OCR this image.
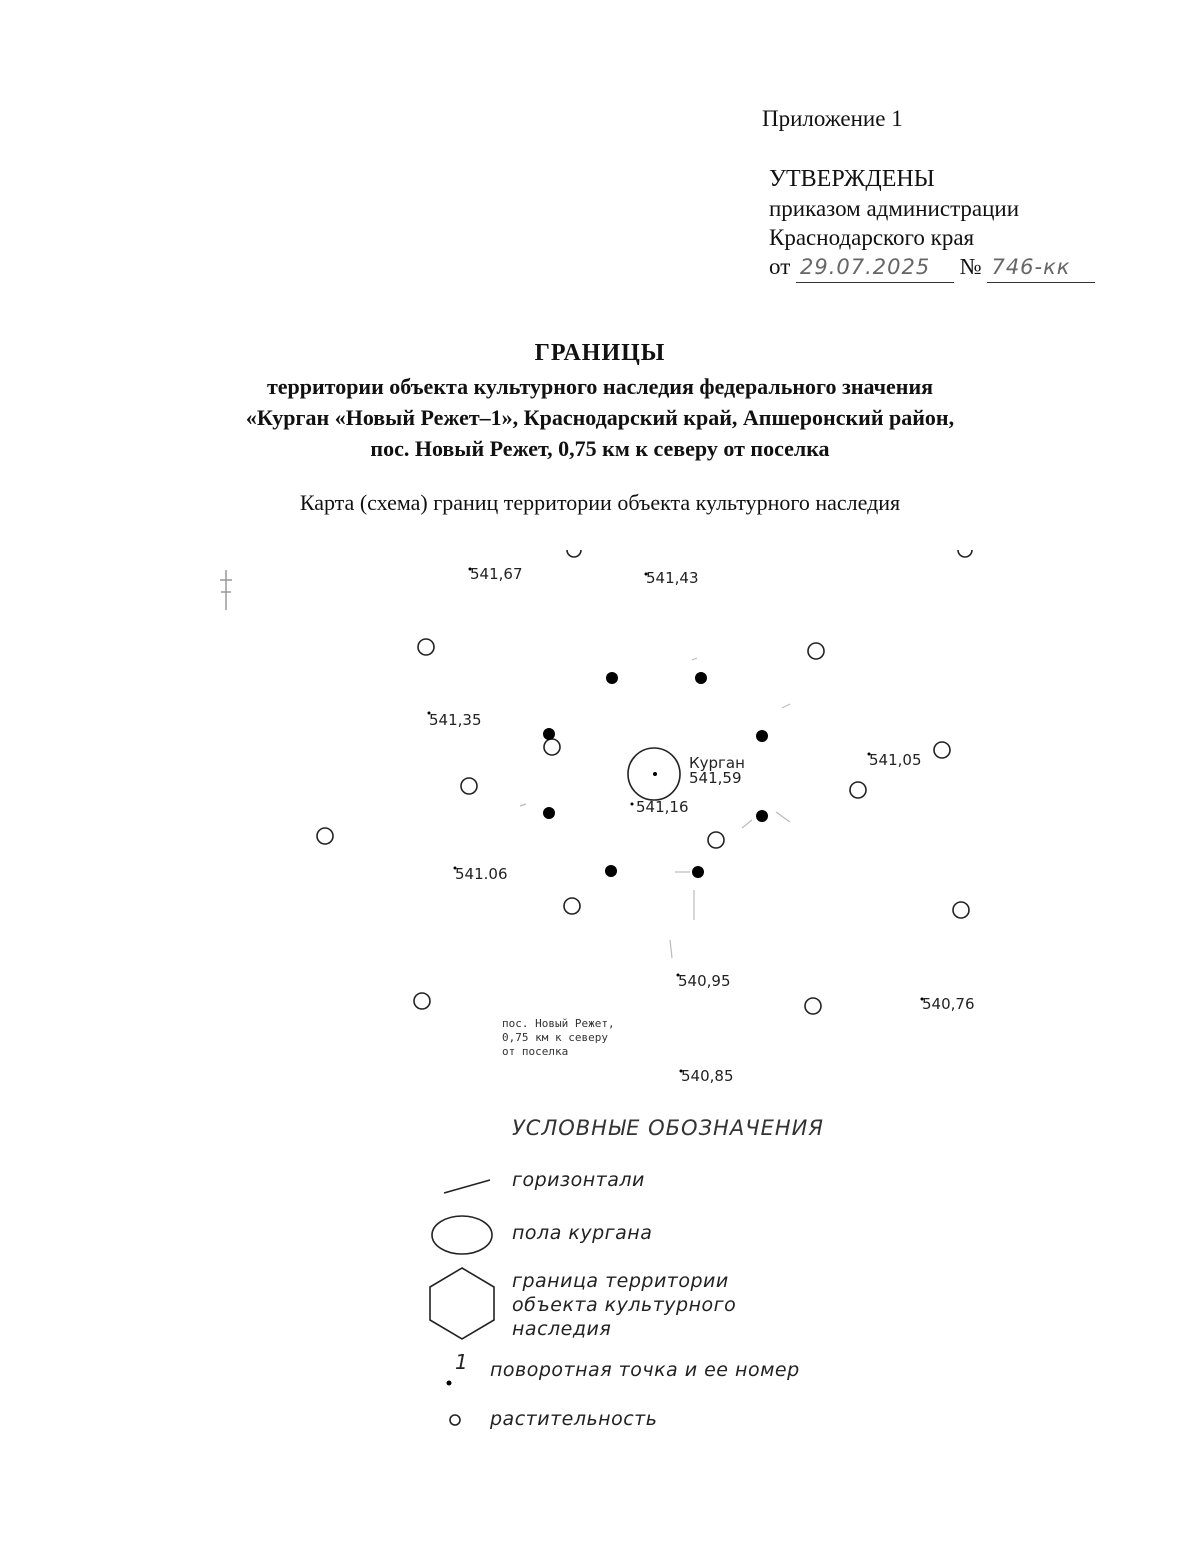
Приложение 1
УТВЕРЖДЕНЫ
приказом администрации
Краснодарского края
от 29.07.2025 № 746-кк
ГРАНИЦЫ
территории объекта культурного наследия федерального значения
«Курган «Новый Режет–1», Краснодарский край, Апшеронский район,
пос. Новый Режет, 0,75 км к северу от поселка
Карта (схема) границ территории объекта культурного наследия
Курган
541,59
541,67	541,43
541,35
541,05
541,16
541.06
540,95
540,76
540,85
пос. Новый Режет,
0,75 км к северу
от поселка
УСЛОВНЫЕ ОБОЗНАЧЕНИЯ
горизонтали
пола кургана
граница территории
объекта культурного
наследия
1 поворотная точка и ее номер
растительность
